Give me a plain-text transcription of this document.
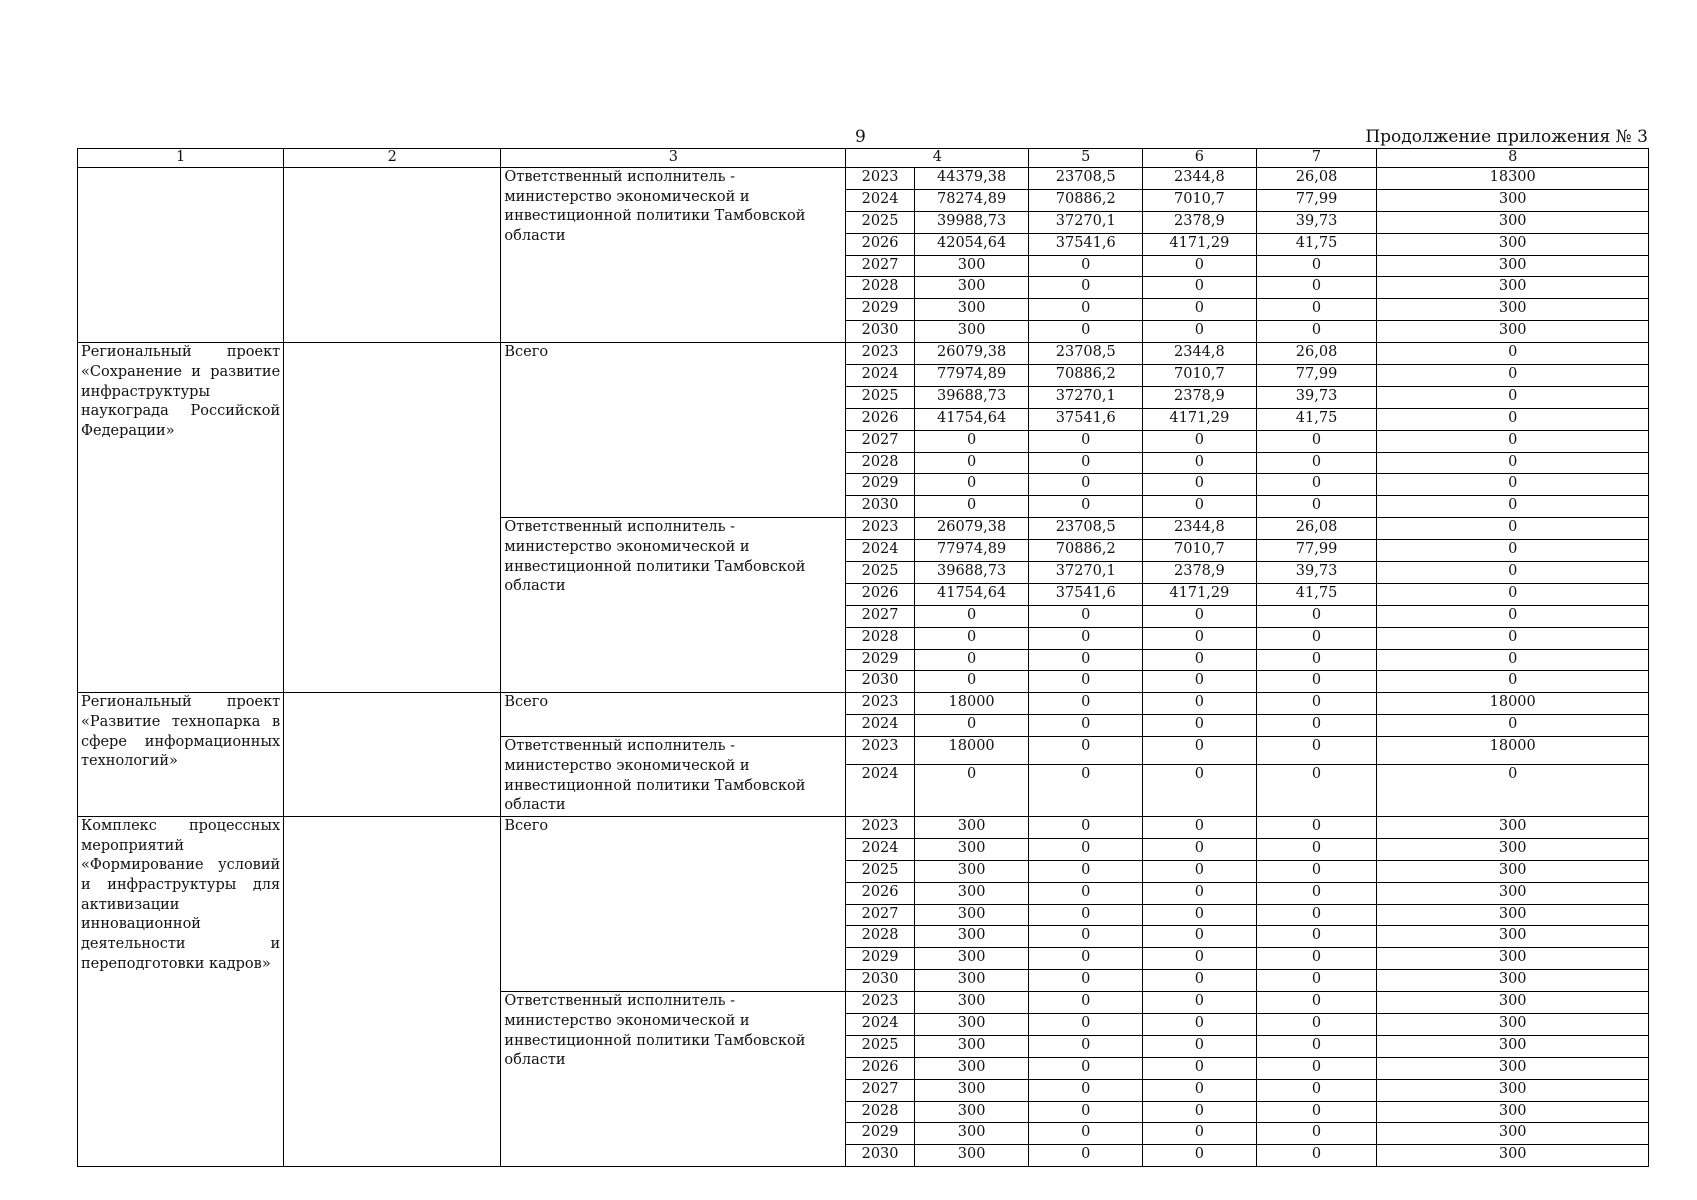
9	Продолжение приложения № 3
1	2	3	4		5	6	7	8
		Ответственный исполнитель - министерство экономической и инвестиционной политики Тамбовской области	2023	44379,38	23708,5	2344,8	26,08	18300
			2024	78274,89	70886,2	7010,7	77,99	300
			2025	39988,73	37270,1	2378,9	39,73	300
			2026	42054,64	37541,6	4171,29	41,75	300
			2027	300	0	0	0	300
			2028	300	0	0	0	300
			2029	300	0	0	0	300
			2030	300	0	0	0	300
Региональный проект «Сохранение и развитие инфраструктуры наукограда Российской Федерации»		Всего	2023	26079,38	23708,5	2344,8	26,08	0
			2024	77974,89	70886,2	7010,7	77,99	0
			2025	39688,73	37270,1	2378,9	39,73	0
			2026	41754,64	37541,6	4171,29	41,75	0
			2027	0	0	0	0	0
			2028	0	0	0	0	0
			2029	0	0	0	0	0
			2030	0	0	0	0	0
		Ответственный исполнитель - министерство экономической и инвестиционной политики Тамбовской области	2023	26079,38	23708,5	2344,8	26,08	0
			2024	77974,89	70886,2	7010,7	77,99	0
			2025	39688,73	37270,1	2378,9	39,73	0
			2026	41754,64	37541,6	4171,29	41,75	0
			2027	0	0	0	0	0
			2028	0	0	0	0	0
			2029	0	0	0	0	0
			2030	0	0	0	0	0
Региональный проект «Развитие технопарка в сфере информационных технологий»		Всего	2023	18000	0	0	0	18000
			2024	0	0	0	0	0
		Ответственный исполнитель - министерство экономической и инвестиционной политики Тамбовской области	2023	18000	0	0	0	18000
			2024	0	0	0	0	0
Комплекс процессных мероприятий «Формирование условий и инфраструктуры для активизации инновационной деятельности и переподготовки кадров»		Всего	2023	300	0	0	0	300
			2024	300	0	0	0	300
			2025	300	0	0	0	300
			2026	300	0	0	0	300
			2027	300	0	0	0	300
			2028	300	0	0	0	300
			2029	300	0	0	0	300
			2030	300	0	0	0	300
		Ответственный исполнитель - министерство экономической и инвестиционной политики Тамбовской области	2023	300	0	0	0	300
			2024	300	0	0	0	300
			2025	300	0	0	0	300
			2026	300	0	0	0	300
			2027	300	0	0	0	300
			2028	300	0	0	0	300
			2029	300	0	0	0	300
			2030	300	0	0	0	300
